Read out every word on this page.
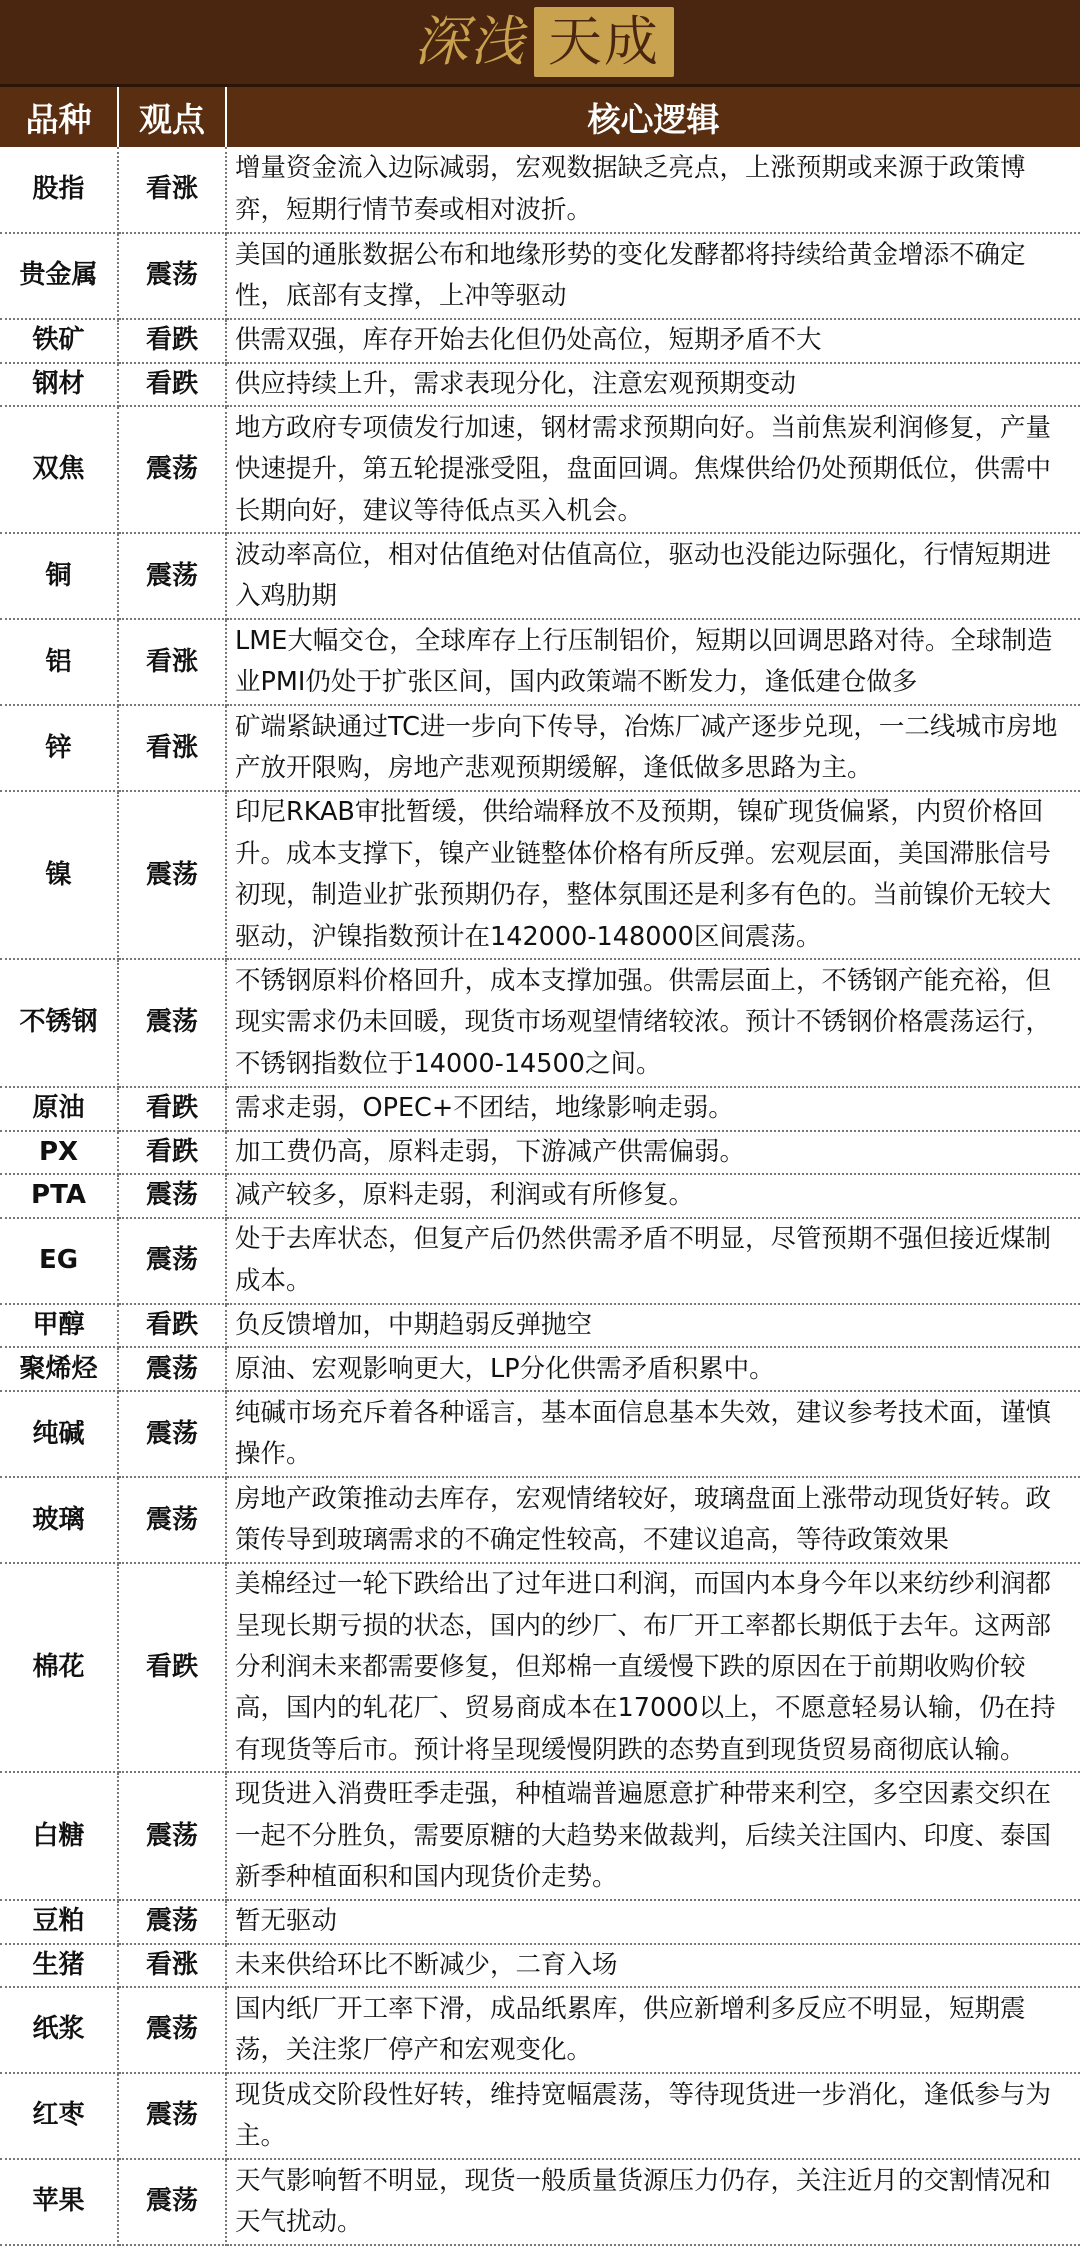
深浅 天成
品种	观点	核心逻辑
股指	看涨	增量资金流入边际减弱，宏观数据缺乏亮点，上涨预期或来源于政策博弈，短期行情节奏或相对波折。
贵金属	震荡	美国的通胀数据公布和地缘形势的变化发酵都将持续给黄金增添不确定性，底部有支撑，上冲等驱动
铁矿	看跌	供需双强，库存开始去化但仍处高位，短期矛盾不大
钢材	看跌	供应持续上升，需求表现分化，注意宏观预期变动
双焦	震荡	地方政府专项债发行加速，钢材需求预期向好。当前焦炭利润修复，产量快速提升，第五轮提涨受阻，盘面回调。焦煤供给仍处预期低位，供需中长期向好，建议等待低点买入机会。
铜	震荡	波动率高位，相对估值绝对估值高位，驱动也没能边际强化，行情短期进入鸡肋期
铝	看涨	LME大幅交仓，全球库存上行压制铝价，短期以回调思路对待。全球制造业PMI仍处于扩张区间，国内政策端不断发力，逢低建仓做多
锌	看涨	矿端紧缺通过TC进一步向下传导，冶炼厂减产逐步兑现，一二线城市房地产放开限购，房地产悲观预期缓解，逢低做多思路为主。
镍	震荡	印尼RKAB审批暂缓，供给端释放不及预期，镍矿现货偏紧，内贸价格回升。成本支撑下，镍产业链整体价格有所反弹。宏观层面，美国滞胀信号初现，制造业扩张预期仍存，整体氛围还是利多有色的。当前镍价无较大驱动，沪镍指数预计在142000-148000区间震荡。
不锈钢	震荡	不锈钢原料价格回升，成本支撑加强。供需层面上，不锈钢产能充裕，但现实需求仍未回暖，现货市场观望情绪较浓。预计不锈钢价格震荡运行，不锈钢指数位于14000-14500之间。
原油	看跌	需求走弱，OPEC+不团结，地缘影响走弱。
PX	看跌	加工费仍高，原料走弱，下游减产供需偏弱。
PTA	震荡	减产较多，原料走弱，利润或有所修复。
EG	震荡	处于去库状态，但复产后仍然供需矛盾不明显，尽管预期不强但接近煤制成本。
甲醇	看跌	负反馈增加，中期趋弱反弹抛空
聚烯烃	震荡	原油、宏观影响更大，LP分化供需矛盾积累中。
纯碱	震荡	纯碱市场充斥着各种谣言，基本面信息基本失效，建议参考技术面，谨慎操作。
玻璃	震荡	房地产政策推动去库存，宏观情绪较好，玻璃盘面上涨带动现货好转。政策传导到玻璃需求的不确定性较高，不建议追高，等待政策效果
棉花	看跌	美棉经过一轮下跌给出了过年进口利润，而国内本身今年以来纺纱利润都呈现长期亏损的状态，国内的纱厂、布厂开工率都长期低于去年。这两部分利润未来都需要修复，但郑棉一直缓慢下跌的原因在于前期收购价较高，国内的轧花厂、贸易商成本在17000以上，不愿意轻易认输，仍在持有现货等后市。预计将呈现缓慢阴跌的态势直到现货贸易商彻底认输。
白糖	震荡	现货进入消费旺季走强，种植端普遍愿意扩种带来利空，多空因素交织在一起不分胜负，需要原糖的大趋势来做裁判，后续关注国内、印度、泰国新季种植面积和国内现货价走势。
豆粕	震荡	暂无驱动
生猪	看涨	未来供给环比不断减少，二育入场
纸浆	震荡	国内纸厂开工率下滑，成品纸累库，供应新增利多反应不明显，短期震荡，关注浆厂停产和宏观变化。
红枣	震荡	现货成交阶段性好转，维持宽幅震荡，等待现货进一步消化，逢低参与为主。
苹果	震荡	天气影响暂不明显，现货一般质量货源压力仍存，关注近月的交割情况和天气扰动。
